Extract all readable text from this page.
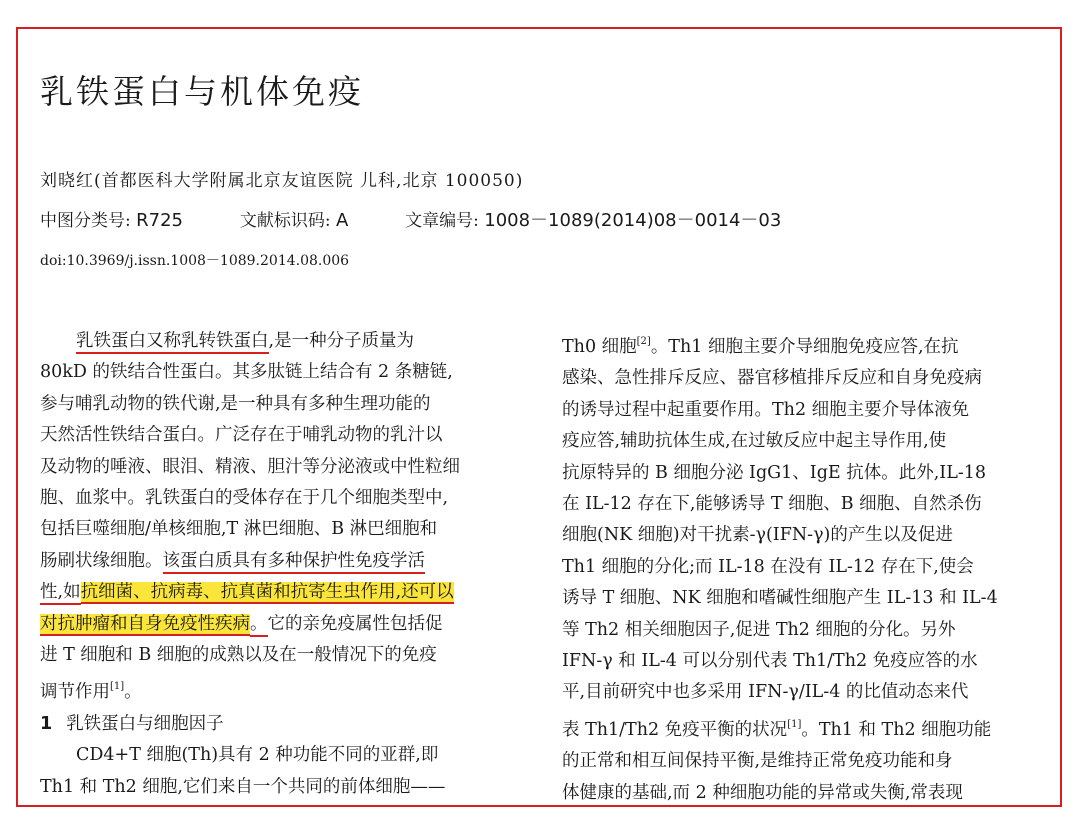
乳铁蛋白与机体免疫
刘晓红(首都医科大学附属北京友谊医院 儿科,北京 100050)
中图分类号: R725	文献标识码: A	文章编号: 1008－1089(2014)08－0014－03
doi:10.3969/j.issn.1008－1089.2014.08.006
乳铁蛋白又称乳转铁蛋白,是一种分子质量为
80kD 的铁结合性蛋白。其多肽链上结合有 2 条糖链,
参与哺乳动物的铁代谢,是一种具有多种生理功能的
天然活性铁结合蛋白。广泛存在于哺乳动物的乳汁以
及动物的唾液、眼泪、精液、胆汁等分泌液或中性粒细
胞、血浆中。乳铁蛋白的受体存在于几个细胞类型中,
包括巨噬细胞/单核细胞,T 淋巴细胞、B 淋巴细胞和
肠刷状缘细胞。该蛋白质具有多种保护性免疫学活
性,如抗细菌、抗病毒、抗真菌和抗寄生虫作用,还可以
对抗肿瘤和自身免疫性疾病。它的亲免疫属性包括促
进 T 细胞和 B 细胞的成熟以及在一般情况下的免疫
调节作用[1]。
1 乳铁蛋白与细胞因子
CD4+T 细胞(Th)具有 2 种功能不同的亚群,即
Th1 和 Th2 细胞,它们来自一个共同的前体细胞——
Th0 细胞[2]。Th1 细胞主要介导细胞免疫应答,在抗
感染、急性排斥反应、器官移植排斥反应和自身免疫病
的诱导过程中起重要作用。Th2 细胞主要介导体液免
疫应答,辅助抗体生成,在过敏反应中起主导作用,使
抗原特异的 B 细胞分泌 IgG1、IgE 抗体。此外,IL-18
在 IL-12 存在下,能够诱导 T 细胞、B 细胞、自然杀伤
细胞(NK 细胞)对干扰素-γ(IFN-γ)的产生以及促进
Th1 细胞的分化;而 IL-18 在没有 IL-12 存在下,使会
诱导 T 细胞、NK 细胞和嗜碱性细胞产生 IL-13 和 IL-4
等 Th2 相关细胞因子,促进 Th2 细胞的分化。另外
IFN-γ 和 IL-4 可以分别代表 Th1/Th2 免疫应答的水
平,目前研究中也多采用 IFN-γ/IL-4 的比值动态来代
表 Th1/Th2 免疫平衡的状况[1]。Th1 和 Th2 细胞功能
的正常和相互间保持平衡,是维持正常免疫功能和身
体健康的基础,而 2 种细胞功能的异常或失衡,常表现
